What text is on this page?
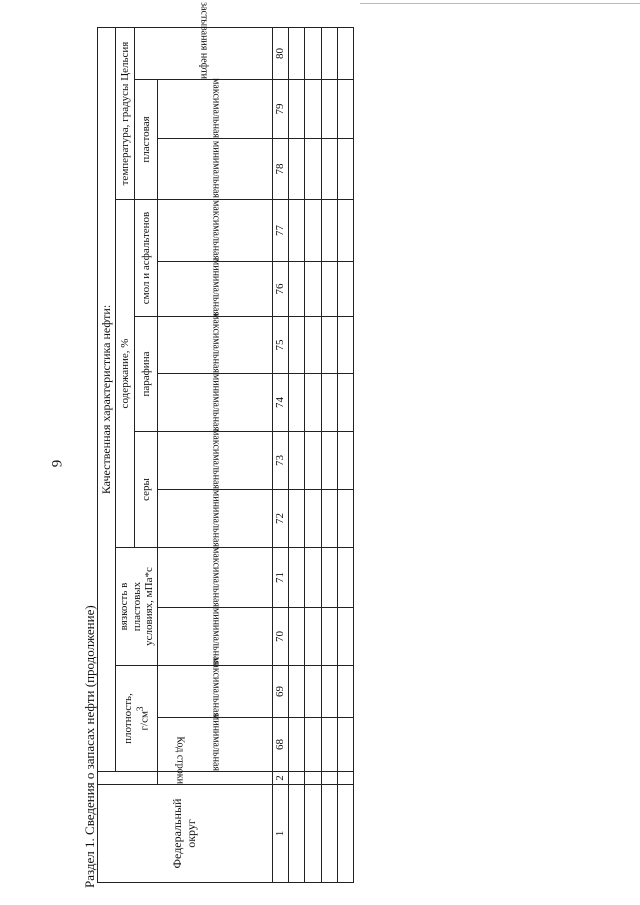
9
Раздел 1. Сведения о запасах нефти (продолжение)	Федеральный округ		Качественная характеристика нефти:												
		плотность, $г/см^3$		вязкость в
пластовых
условиях, мПа*с		содержание, %						температура, градусы Цельсия		
						серы		парафина		смол и асфальтенов		пластовая		застывания нефти
	Код строки	минимальная	максимальная	минимальная	максимальная	минимальная	максимальная	минимальная	максимальная	минимальная	максимальная	минимальная	максимальная	
1	2	68	69	70	71	72	73	74	75	76	77	78	79	80
